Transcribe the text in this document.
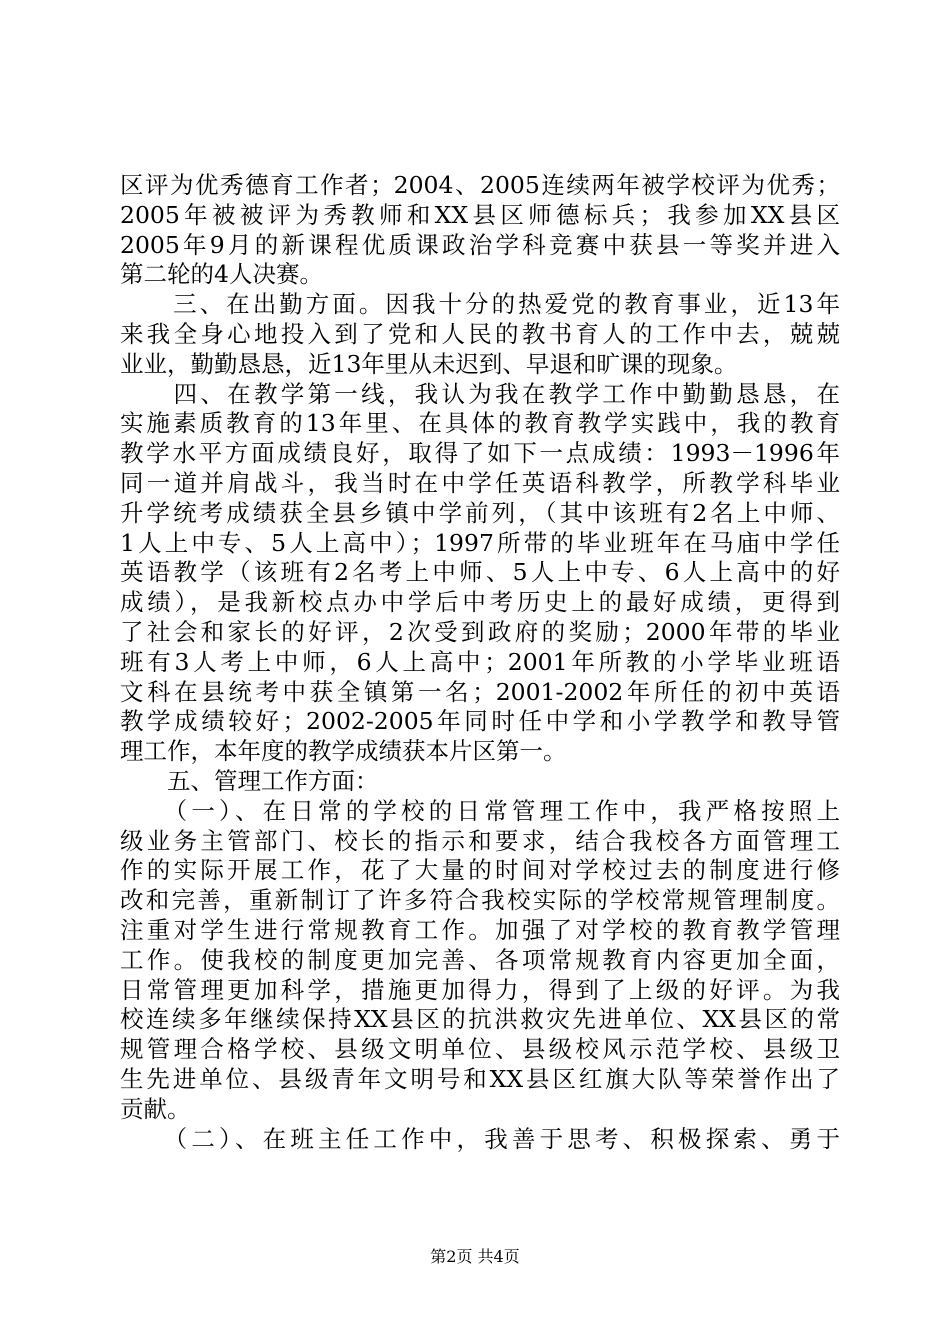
区评为优秀德育工作者；2004、2005连续两年被学校评为优秀；
2005年被被评为秀教师和XX县区师德标兵；我参加XX县区
2005年9月的新课程优质课政治学科竞赛中获县一等奖并进入
第二轮的4人决赛。
　　三、在出勤方面。因我十分的热爱党的教育事业，近13年
来我全身心地投入到了党和人民的教书育人的工作中去，兢兢
业业，勤勤恳恳，近13年里从未迟到、早退和旷课的现象。
　　四、在教学第一线，我认为我在教学工作中勤勤恳恳，在
实施素质教育的13年里、在具体的教育教学实践中，我的教育
教学水平方面成绩良好，取得了如下一点成绩：1993－1996年
同一道并肩战斗，我当时在中学任英语科教学，所教学科毕业
升学统考成绩获全县乡镇中学前列，（其中该班有2名上中师、
1人上中专、5人上高中）；1997所带的毕业班年在马庙中学任
英语教学（该班有2名考上中师、5人上中专、6人上高中的好
成绩），是我新校点办中学后中考历史上的最好成绩，更得到
了社会和家长的好评，2次受到政府的奖励；2000年带的毕业
班有3人考上中师，6人上高中；2001年所教的小学毕业班语
文科在县统考中获全镇第一名；2001-2002年所任的初中英语
教学成绩较好；2002-2005年同时任中学和小学教学和教导管
理工作，本年度的教学成绩获本片区第一。
　　五、管理工作方面：
　　（一）、在日常的学校的日常管理工作中，我严格按照上
级业务主管部门、校长的指示和要求，结合我校各方面管理工
作的实际开展工作，花了大量的时间对学校过去的制度进行修
改和完善，重新制订了许多符合我校实际的学校常规管理制度。
注重对学生进行常规教育工作。加强了对学校的教育教学管理
工作。使我校的制度更加完善、各项常规教育内容更加全面，
日常管理更加科学，措施更加得力，得到了上级的好评。为我
校连续多年继续保持XX县区的抗洪救灾先进单位、XX县区的常
规管理合格学校、县级文明单位、县级校风示范学校、县级卫
生先进单位、县级青年文明号和XX县区红旗大队等荣誉作出了
贡献。
　　（二）、在班主任工作中，我善于思考、积极探索、勇于
第2页 共4页
